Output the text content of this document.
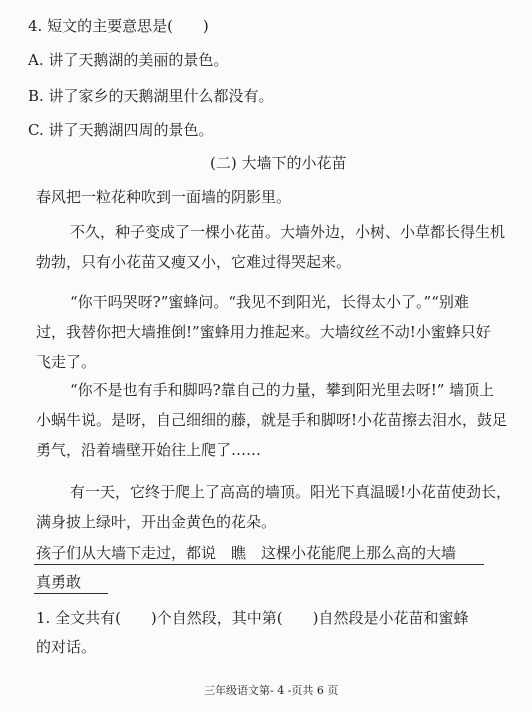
4. 短文的主要意思是(　　)
A. 讲了天鹅湖的美丽的景色。
B. 讲了家乡的天鹅湖里什么都没有。
C. 讲了天鹅湖四周的景色。
(二) 大墙下的小花苗
春风把一粒花种吹到一面墙的阴影里。
不久，种子变成了一棵小花苗。大墙外边，小树、小草都长得生机
勃勃，只有小花苗又瘦又小，它难过得哭起来。
“你干吗哭呀?”蜜蜂问。“我见不到阳光，长得太小了。”“别难
过，我替你把大墙推倒!”蜜蜂用力推起来。大墙纹丝不动!小蜜蜂只好
飞走了。
“你不是也有手和脚吗?靠自己的力量，攀到阳光里去呀!” 墙顶上
小蜗牛说。是呀，自己细细的藤，就是手和脚呀!小花苗擦去泪水，鼓足
勇气，沿着墙壁开始往上爬了……
有一天，它终于爬上了高高的墙顶。阳光下真温暖!小花苗使劲长，
满身披上绿叶，开出金黄色的花朵。
孩子们从大墙下走过，都说　瞧　这棵小花能爬上那么高的大墙
真勇敢
1. 全文共有(　　)个自然段，其中第(　　)自然段是小花苗和蜜蜂
的对话。
三年级语文第- 4 -页共 6 页
